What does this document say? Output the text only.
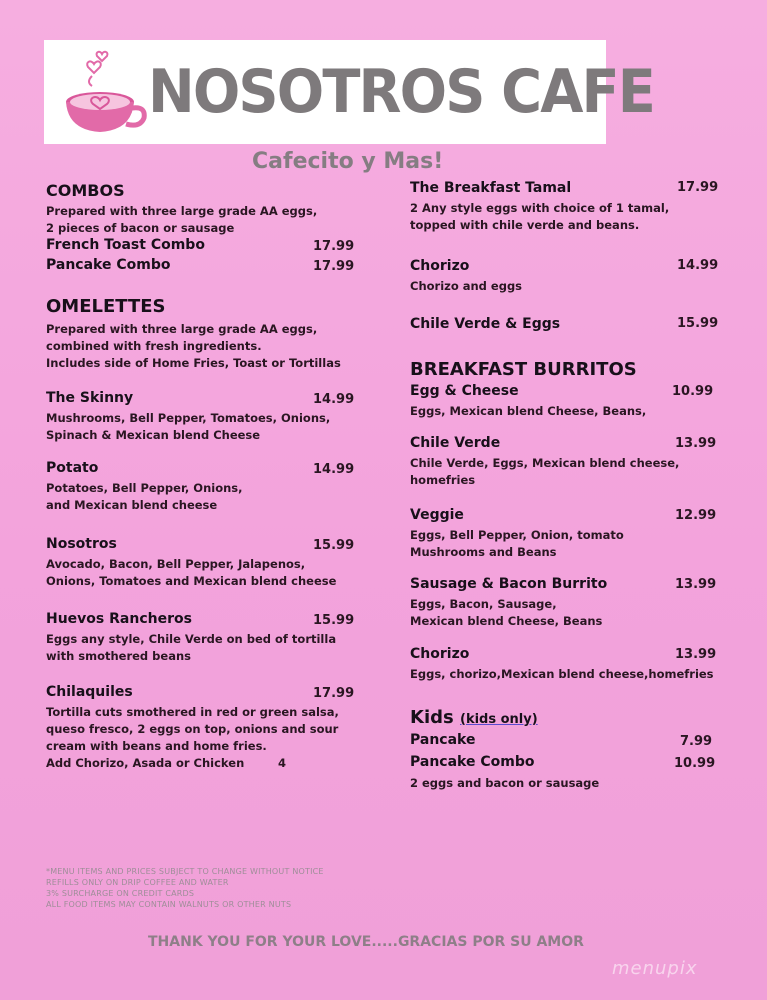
NOSOTROS CAFE
Cafecito y Mas!
COMBOS
Prepared with three large grade AA eggs,
2 pieces of bacon or sausage
French Toast Combo	17.99
Pancake Combo	17.99
OMELETTES
Prepared with three large grade AA eggs,
combined with fresh ingredients.
Includes side of Home Fries, Toast or Tortillas
The Skinny	14.99
Mushrooms, Bell Pepper, Tomatoes, Onions,
Spinach & Mexican blend Cheese
Potato	14.99
Potatoes, Bell Pepper, Onions,
and Mexican blend cheese
Nosotros	15.99
Avocado, Bacon, Bell Pepper, Jalapenos,
Onions, Tomatoes and Mexican blend cheese
Huevos Rancheros	15.99
Eggs any style, Chile Verde on bed of tortilla
with smothered beans
Chilaquiles	17.99
Tortilla cuts smothered in red or green salsa,
queso fresco, 2 eggs on top, onions and sour
cream with beans and home fries.
Add Chorizo, Asada or Chicken	4
The Breakfast Tamal	17.99
2 Any style eggs with choice of 1 tamal,
topped with chile verde and beans.
Chorizo	14.99
Chorizo and eggs
Chile Verde & Eggs	15.99
BREAKFAST BURRITOS
Egg & Cheese	10.99
Eggs, Mexican blend Cheese, Beans,
Chile Verde	13.99
Chile Verde, Eggs, Mexican blend cheese,
homefries
Veggie	12.99
Eggs, Bell Pepper, Onion, tomato
Mushrooms and Beans
Sausage & Bacon Burrito	13.99
Eggs, Bacon, Sausage,
Mexican blend Cheese, Beans
Chorizo	13.99
Eggs, chorizo,Mexican blend cheese,homefries
Kids (kids only)
Pancake	7.99
Pancake Combo	10.99
2 eggs and bacon or sausage
*MENU ITEMS AND PRICES SUBJECT TO CHANGE WITHOUT NOTICE
REFILLS ONLY ON DRIP COFFEE AND WATER
3% SURCHARGE ON CREDIT CARDS
ALL FOOD ITEMS MAY CONTAIN WALNUTS OR OTHER NUTS
THANK YOU FOR YOUR LOVE.....GRACIAS POR SU AMOR
menupix
